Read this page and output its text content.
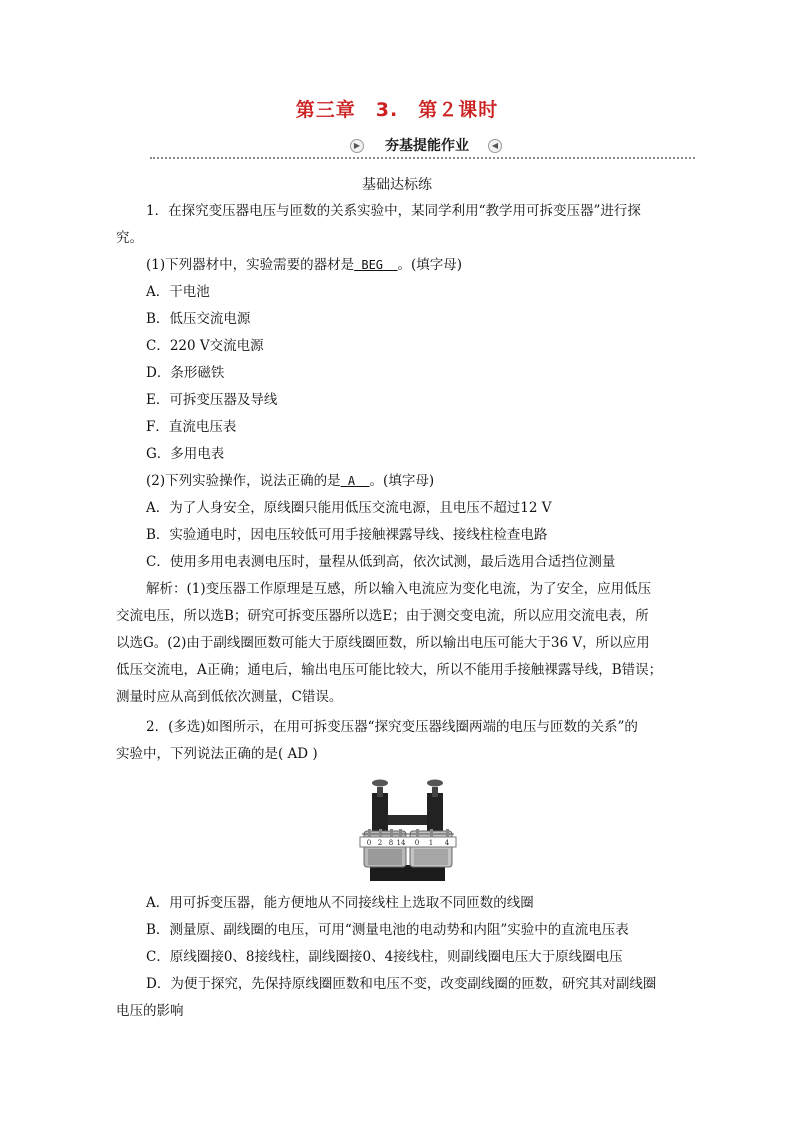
第三章　3.　第２课时
▶	夯基提能作业	◀
基础达标练
1．在探究变压器电压与匝数的关系实验中，某同学利用“教学用可拆变压器”进行探
究。
(1)下列器材中，实验需要的器材是 BEG 。(填字母)
A．干电池
B．低压交流电源
C．220 V交流电源
D．条形磁铁
E．可拆变压器及导线
F．直流电压表
G．多用电表
(2)下列实验操作，说法正确的是 A 。(填字母)
A．为了人身安全，原线圈只能用低压交流电源，且电压不超过12 V
B．实验通电时，因电压较低可用手接触裸露导线、接线柱检查电路
C．使用多用电表测电压时，量程从低到高，依次试测，最后选用合适挡位测量
解析：(1)变压器工作原理是互感，所以输入电流应为变化电流，为了安全，应用低压
交流电压，所以选B；研究可拆变压器所以选E；由于测交变电流，所以应用交流电表，所
以选G。(2)由于副线圈匝数可能大于原线圈匝数，所以输出电压可能大于36 V，所以应用
低压交流电，A正确；通电后，输出电压可能比较大，所以不能用手接触裸露导线，B错误；
测量时应从高到低依次测量，C错误。
2．(多选)如图所示，在用可拆变压器“探究变压器线圈两端的电压与匝数的关系”的
实验中，下列说法正确的是( AD )
0 2 8 14 0 1 4
A．用可拆变压器，能方便地从不同接线柱上选取不同匝数的线圈
B．测量原、副线圈的电压，可用“测量电池的电动势和内阻”实验中的直流电压表
C．原线圈接0、8接线柱，副线圈接0、4接线柱，则副线圈电压大于原线圈电压
D．为便于探究，先保持原线圈匝数和电压不变，改变副线圈的匝数，研究其对副线圈
电压的影响
